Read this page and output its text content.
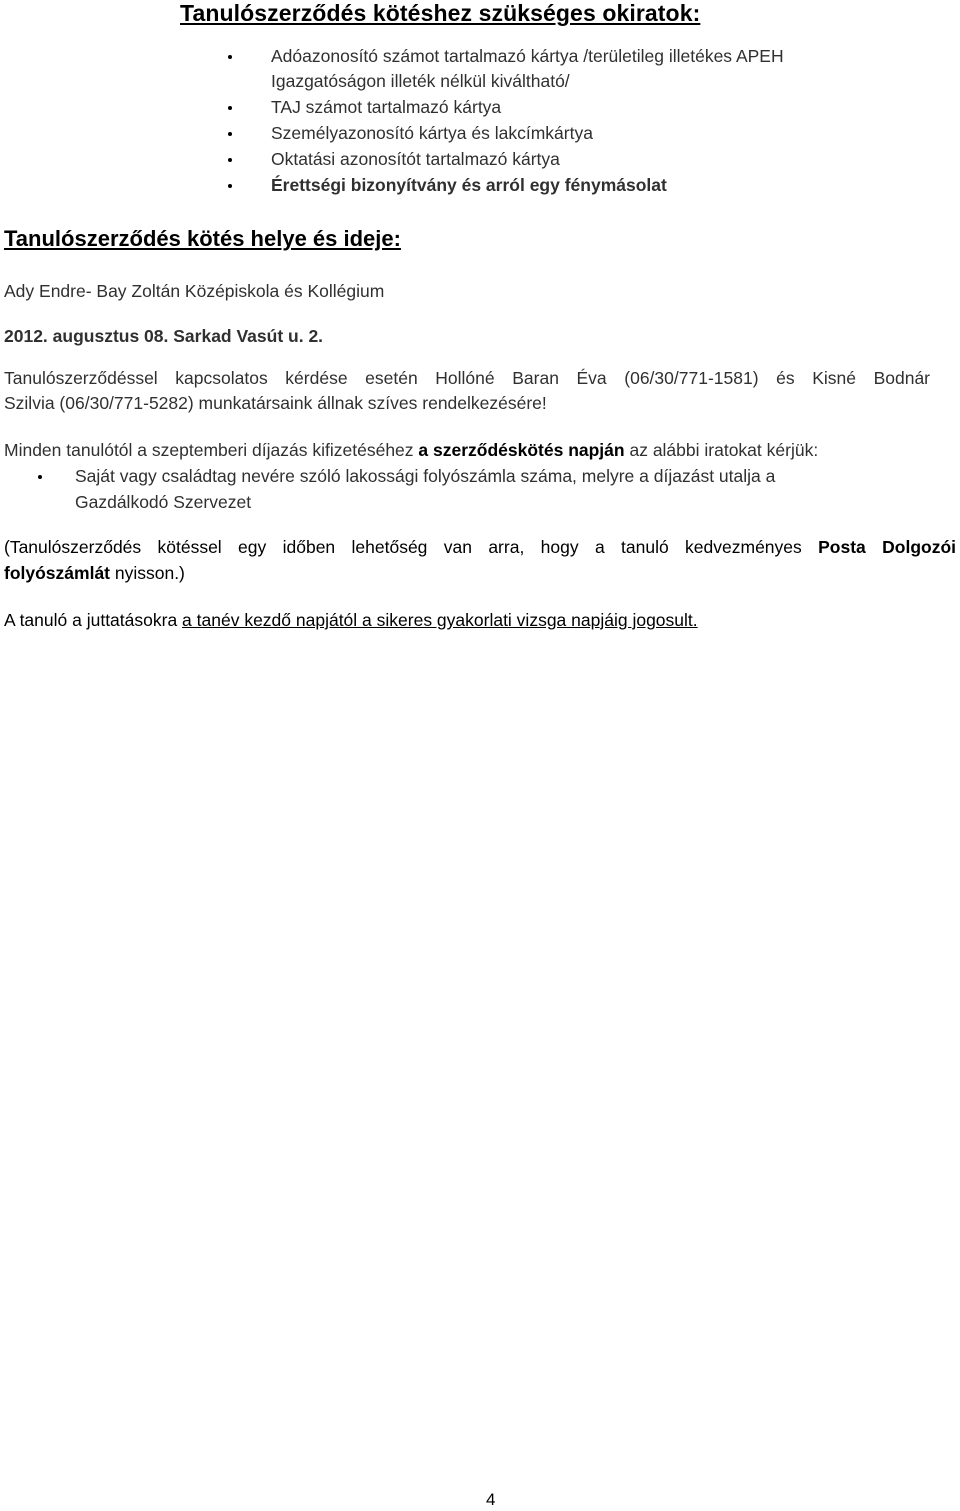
Tanulószerződés kötéshez szükséges okiratok:
Adóazonosító számot tartalmazó kártya /területileg illetékes APEH
Igazgatóságon illeték nélkül kiváltható/
TAJ számot tartalmazó kártya
Személyazonosító kártya és lakcímkártya
Oktatási azonosítót tartalmazó kártya
Érettségi bizonyítvány és arról egy fénymásolat
Tanulószerződés kötés helye és ideje:
Ady Endre- Bay Zoltán Középiskola és Kollégium
2012. augusztus 08. Sarkad Vasút u. 2.
Tanulószerződéssel kapcsolatos kérdése esetén Hollóné Baran Éva (06/30/771-1581) és Kisné Bodnár
Szilvia (06/30/771-5282) munkatársaink állnak szíves rendelkezésére!
Minden tanulótól a szeptemberi díjazás kifizetéséhez a szerződéskötés napján az alábbi iratokat kérjük:
Saját vagy családtag nevére szóló lakossági folyószámla száma, melyre a díjazást utalja a
Gazdálkodó Szervezet
(Tanulószerződés kötéssel egy időben lehetőség van arra, hogy a tanuló kedvezményes Posta Dolgozói
folyószámlát nyisson.)
A tanuló a juttatásokra a tanév kezdő napjától a sikeres gyakorlati vizsga napjáig jogosult.
4
